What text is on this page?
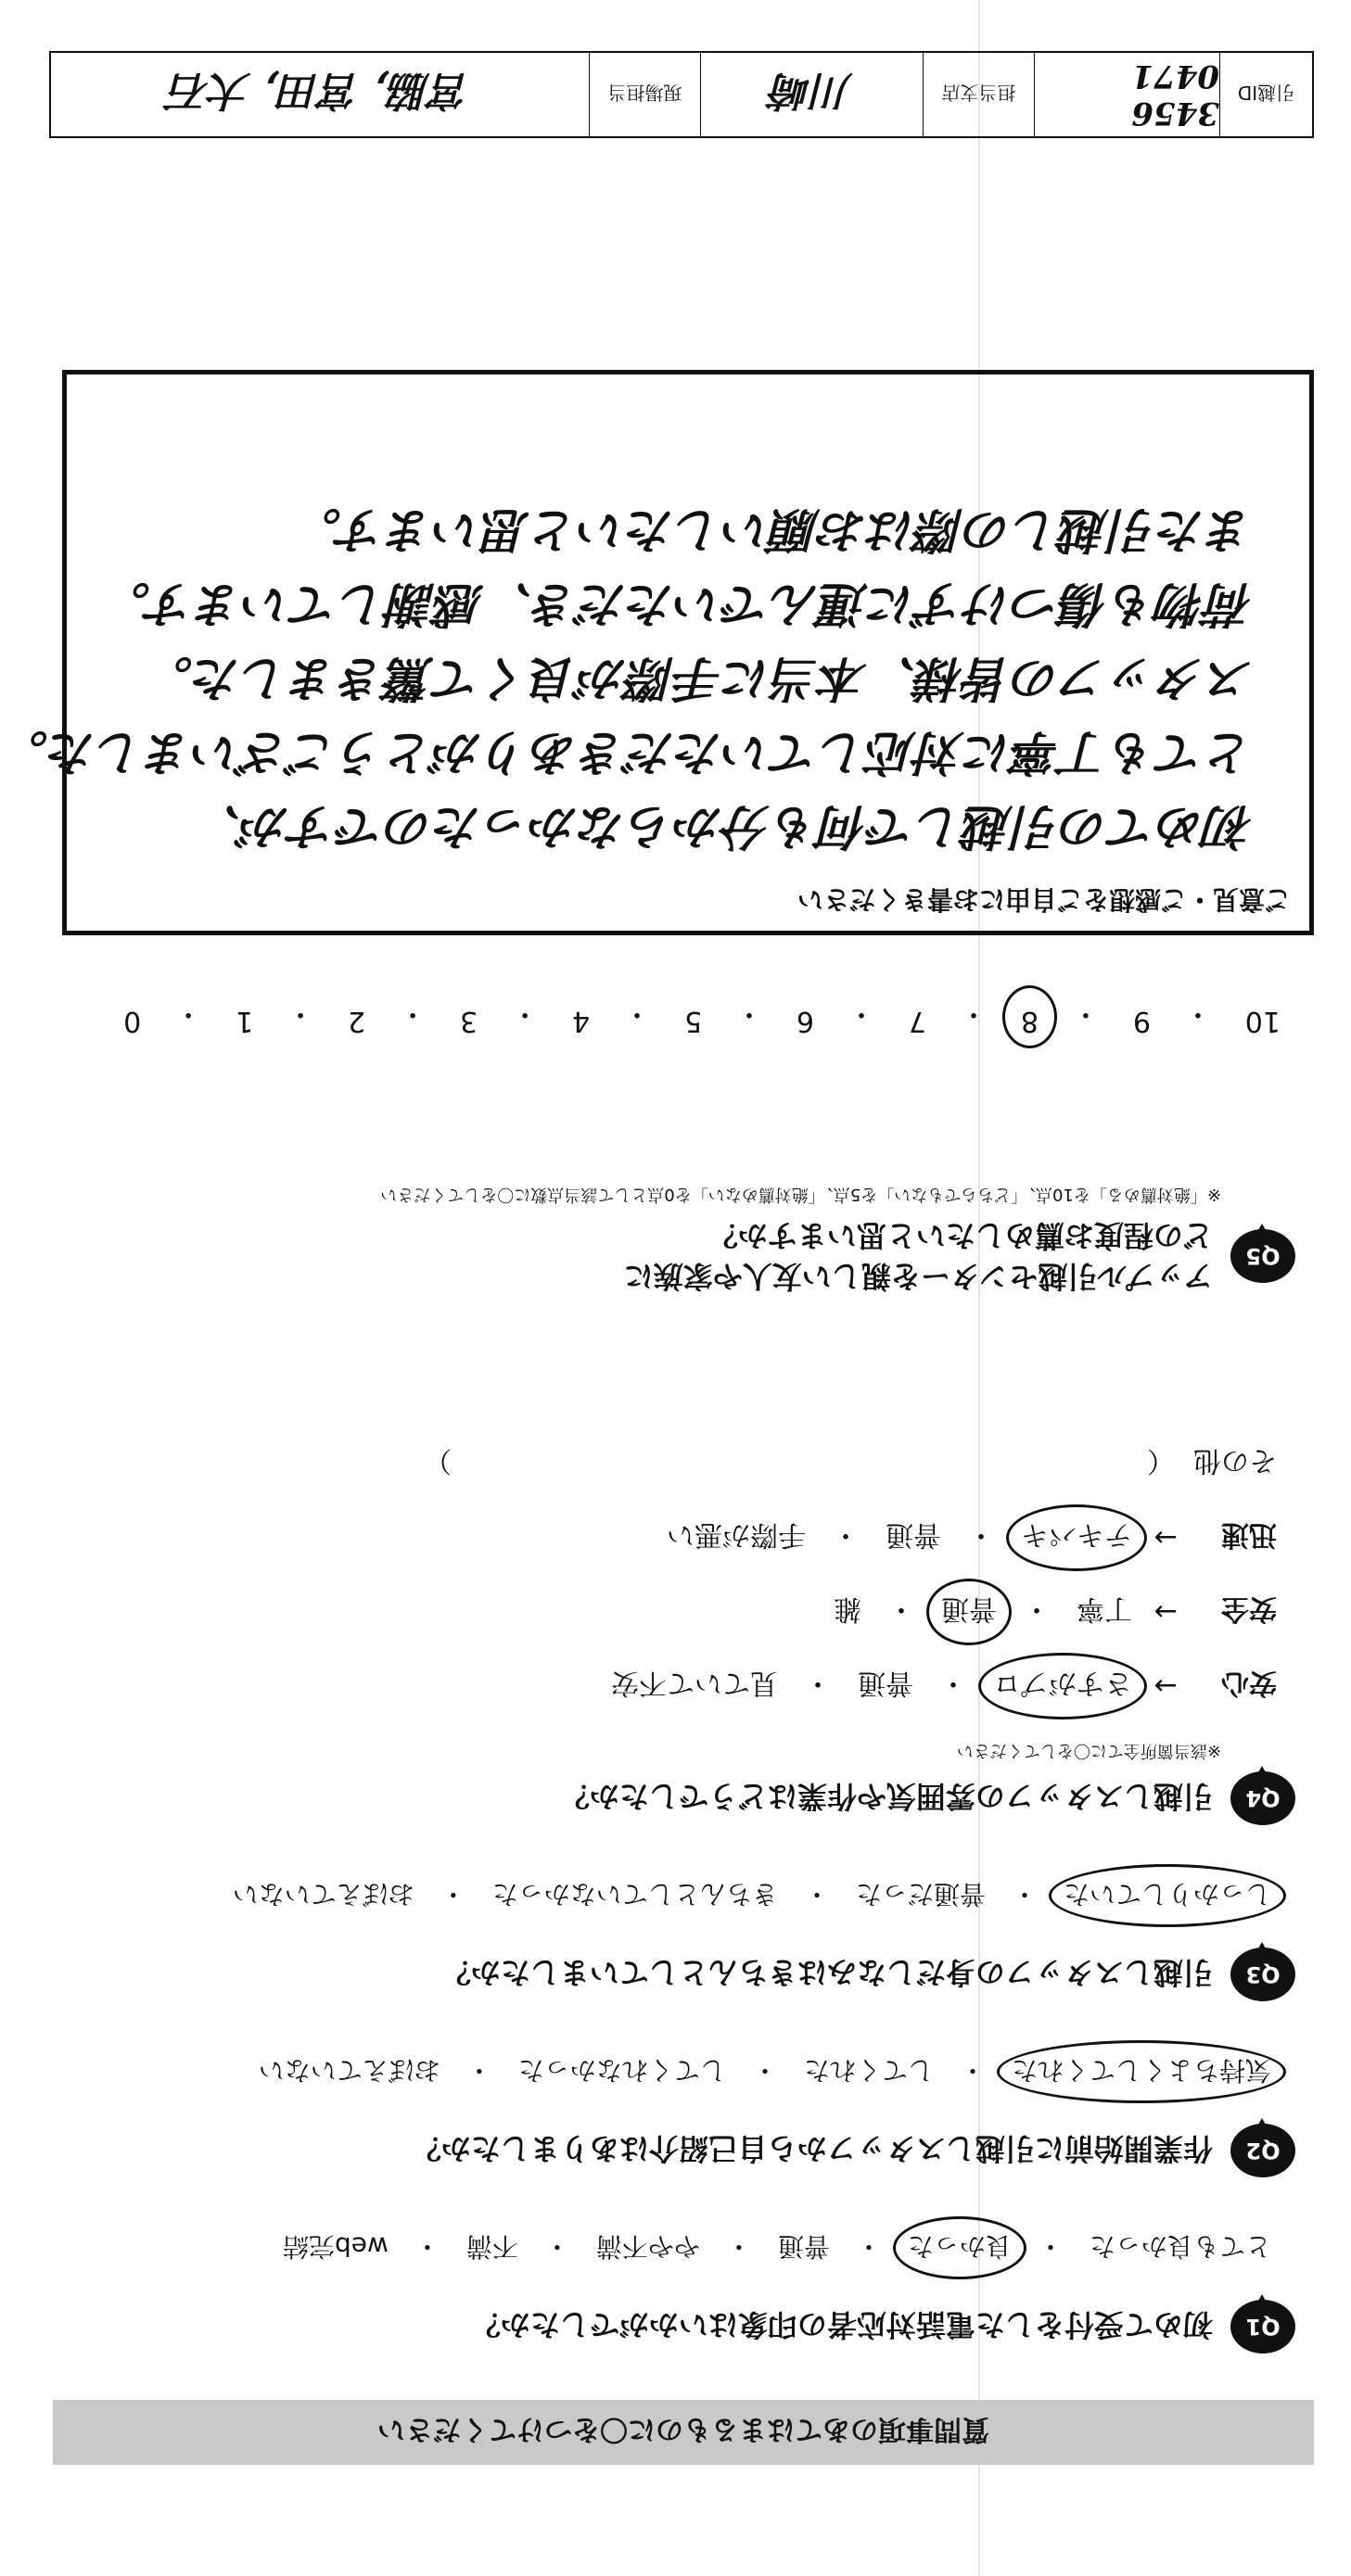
質問事項のあてはまるものに〇をつけてください
Q1 初めて受付をした電話対応者の印象はいかがでしたか？
とても良かった
・
良かった
・
普通
・
やや不満
・
不満
・
web完結
Q2 作業開始前に引越しスタッフから自己紹介はありましたか？
気持ちよくしてくれた
・
してくれた
・
してくれなかった
・
おぼえていない
Q3 引越しスタッフの身だしなみはきちんとしていましたか？
しっかりしていた
・
普通だった
・
きちんとしていなかった
・
おぼえていない
Q4 引越しスタッフの雰囲気や作業はどうでしたか？
※該当箇所全てに〇をしてください
安心
→
さすがプロ
・
普通
・
見ていて不安
安全
→
丁寧
・
普通
・
雑
迅速
→
テキパキ
・
普通
・
手際が悪い
その他
（　　　　　　　　　　　　　　　　　　　　　　　　　）
Q5 アップル引越センターを親しい友人や家族に
どの程度お薦めしたいと思いますか？
※「絶対薦める」を10点、「どちらでもない」を5点、「絶対薦めない」を0点として該当点数に〇をしてください
10
・
9
・
8
・
7
・
6
・
5
・
4
・
3
・
2
・
1
・
0
ご意見・ご感想をご自由にお書きください
初めての引越しで何も分からなかったのですが、
とても丁寧に対応していただきありがとうございました。
スタッフの皆様、本当に手際が良くて驚きました。
荷物も傷つけずに運んでいただき、感謝しています。
また引越しの際はお願いしたいと思います。
引越ID
3456 0471
担当支店
川崎
現場担当
宮脇, 宮田, 大石
